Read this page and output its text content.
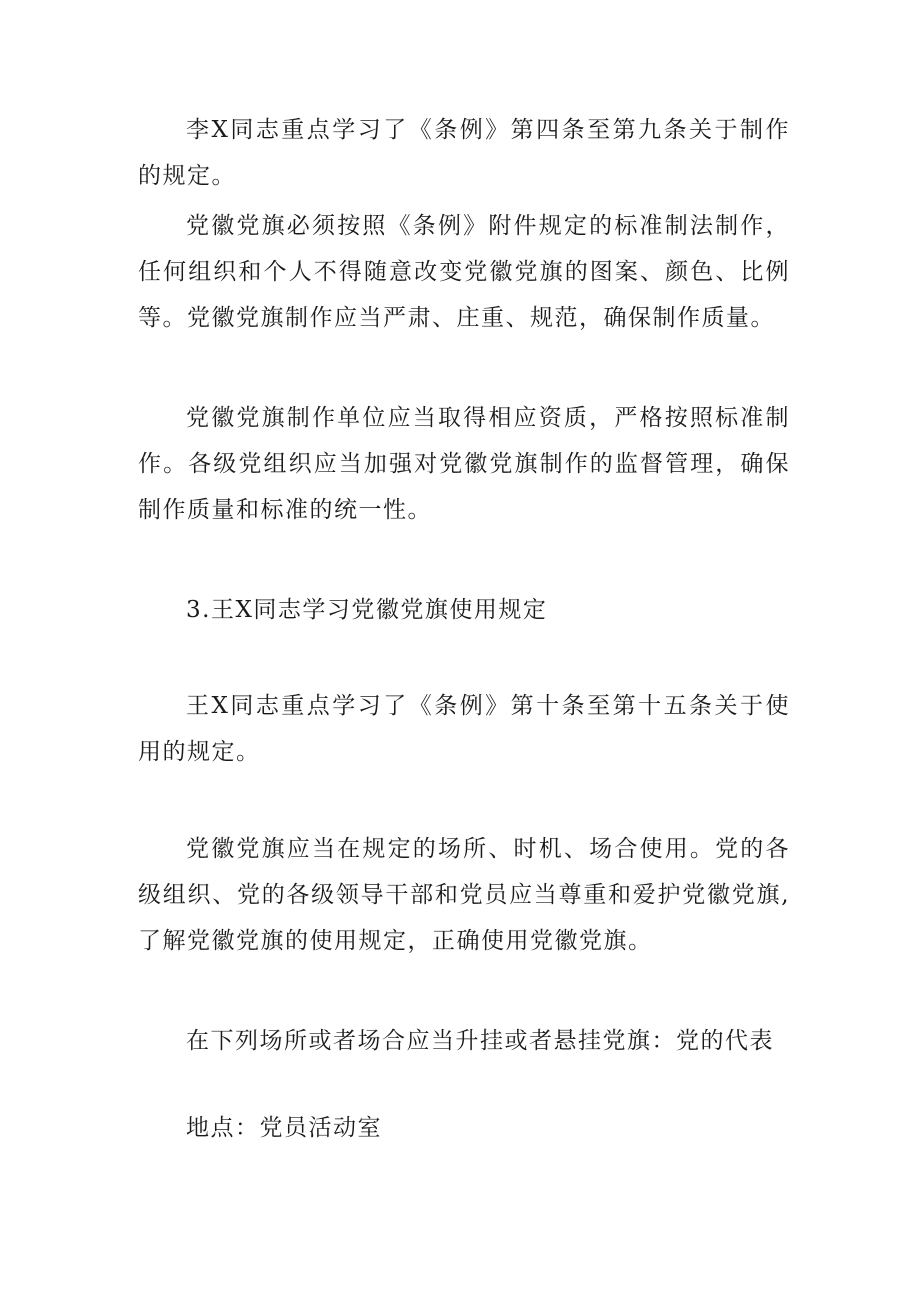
李X同志重点学习了《条例》第四条至第九条关于制作的规定。

党徽党旗必须按照《条例》附件规定的标准制法制作，任何组织和个人不得随意改变党徽党旗的图案、颜色、比例等。党徽党旗制作应当严肃、庄重、规范，确保制作质量。

党徽党旗制作单位应当取得相应资质，严格按照标准制作。各级党组织应当加强对党徽党旗制作的监督管理，确保制作质量和标准的统一性。

3.王X同志学习党徽党旗使用规定

王X同志重点学习了《条例》第十条至第十五条关于使用的规定。

党徽党旗应当在规定的场所、时机、场合使用。党的各级组织、党的各级领导干部和党员应当尊重和爱护党徽党旗,了解党徽党旗的使用规定，正确使用党徽党旗。

在下列场所或者场合应当升挂或者悬挂党旗：党的代表

地点：党员活动室
